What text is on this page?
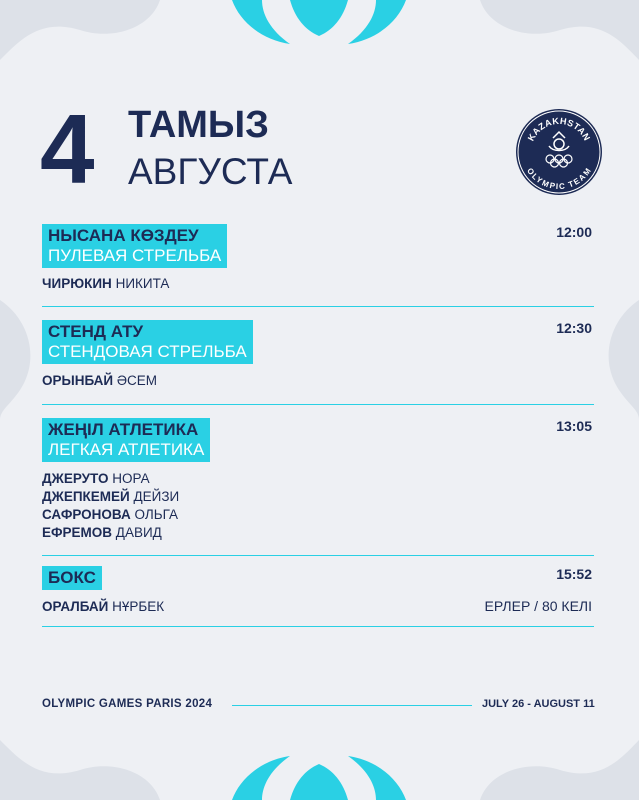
4 ТАМЫЗ
АВГУСТА
KAZAKHSTAN
OLYMPIC TEAM
НЫСАНА КӨЗДЕУ
ПУЛЕВАЯ СТРЕЛЬБА
12:00
ЧИРЮКИН НИКИТА
СТЕНД АТУ
СТЕНДОВАЯ СТРЕЛЬБА
12:30
ОРЫНБАЙ ӘСЕМ
ЖЕҢІЛ АТЛЕТИКА
ЛЕГКАЯ АТЛЕТИКА
13:05
ДЖЕРУТО НОРА
ДЖЕПКЕМЕЙ ДЕЙЗИ
САФРОНОВА ОЛЬГА
ЕФРЕМОВ ДАВИД
БОКС	15:52
ОРАЛБАЙ НҰРБЕК	ЕРЛЕР / 80 КЕЛІ
OLYMPIC GAMES PARIS 2024	JULY 26 - AUGUST 11
